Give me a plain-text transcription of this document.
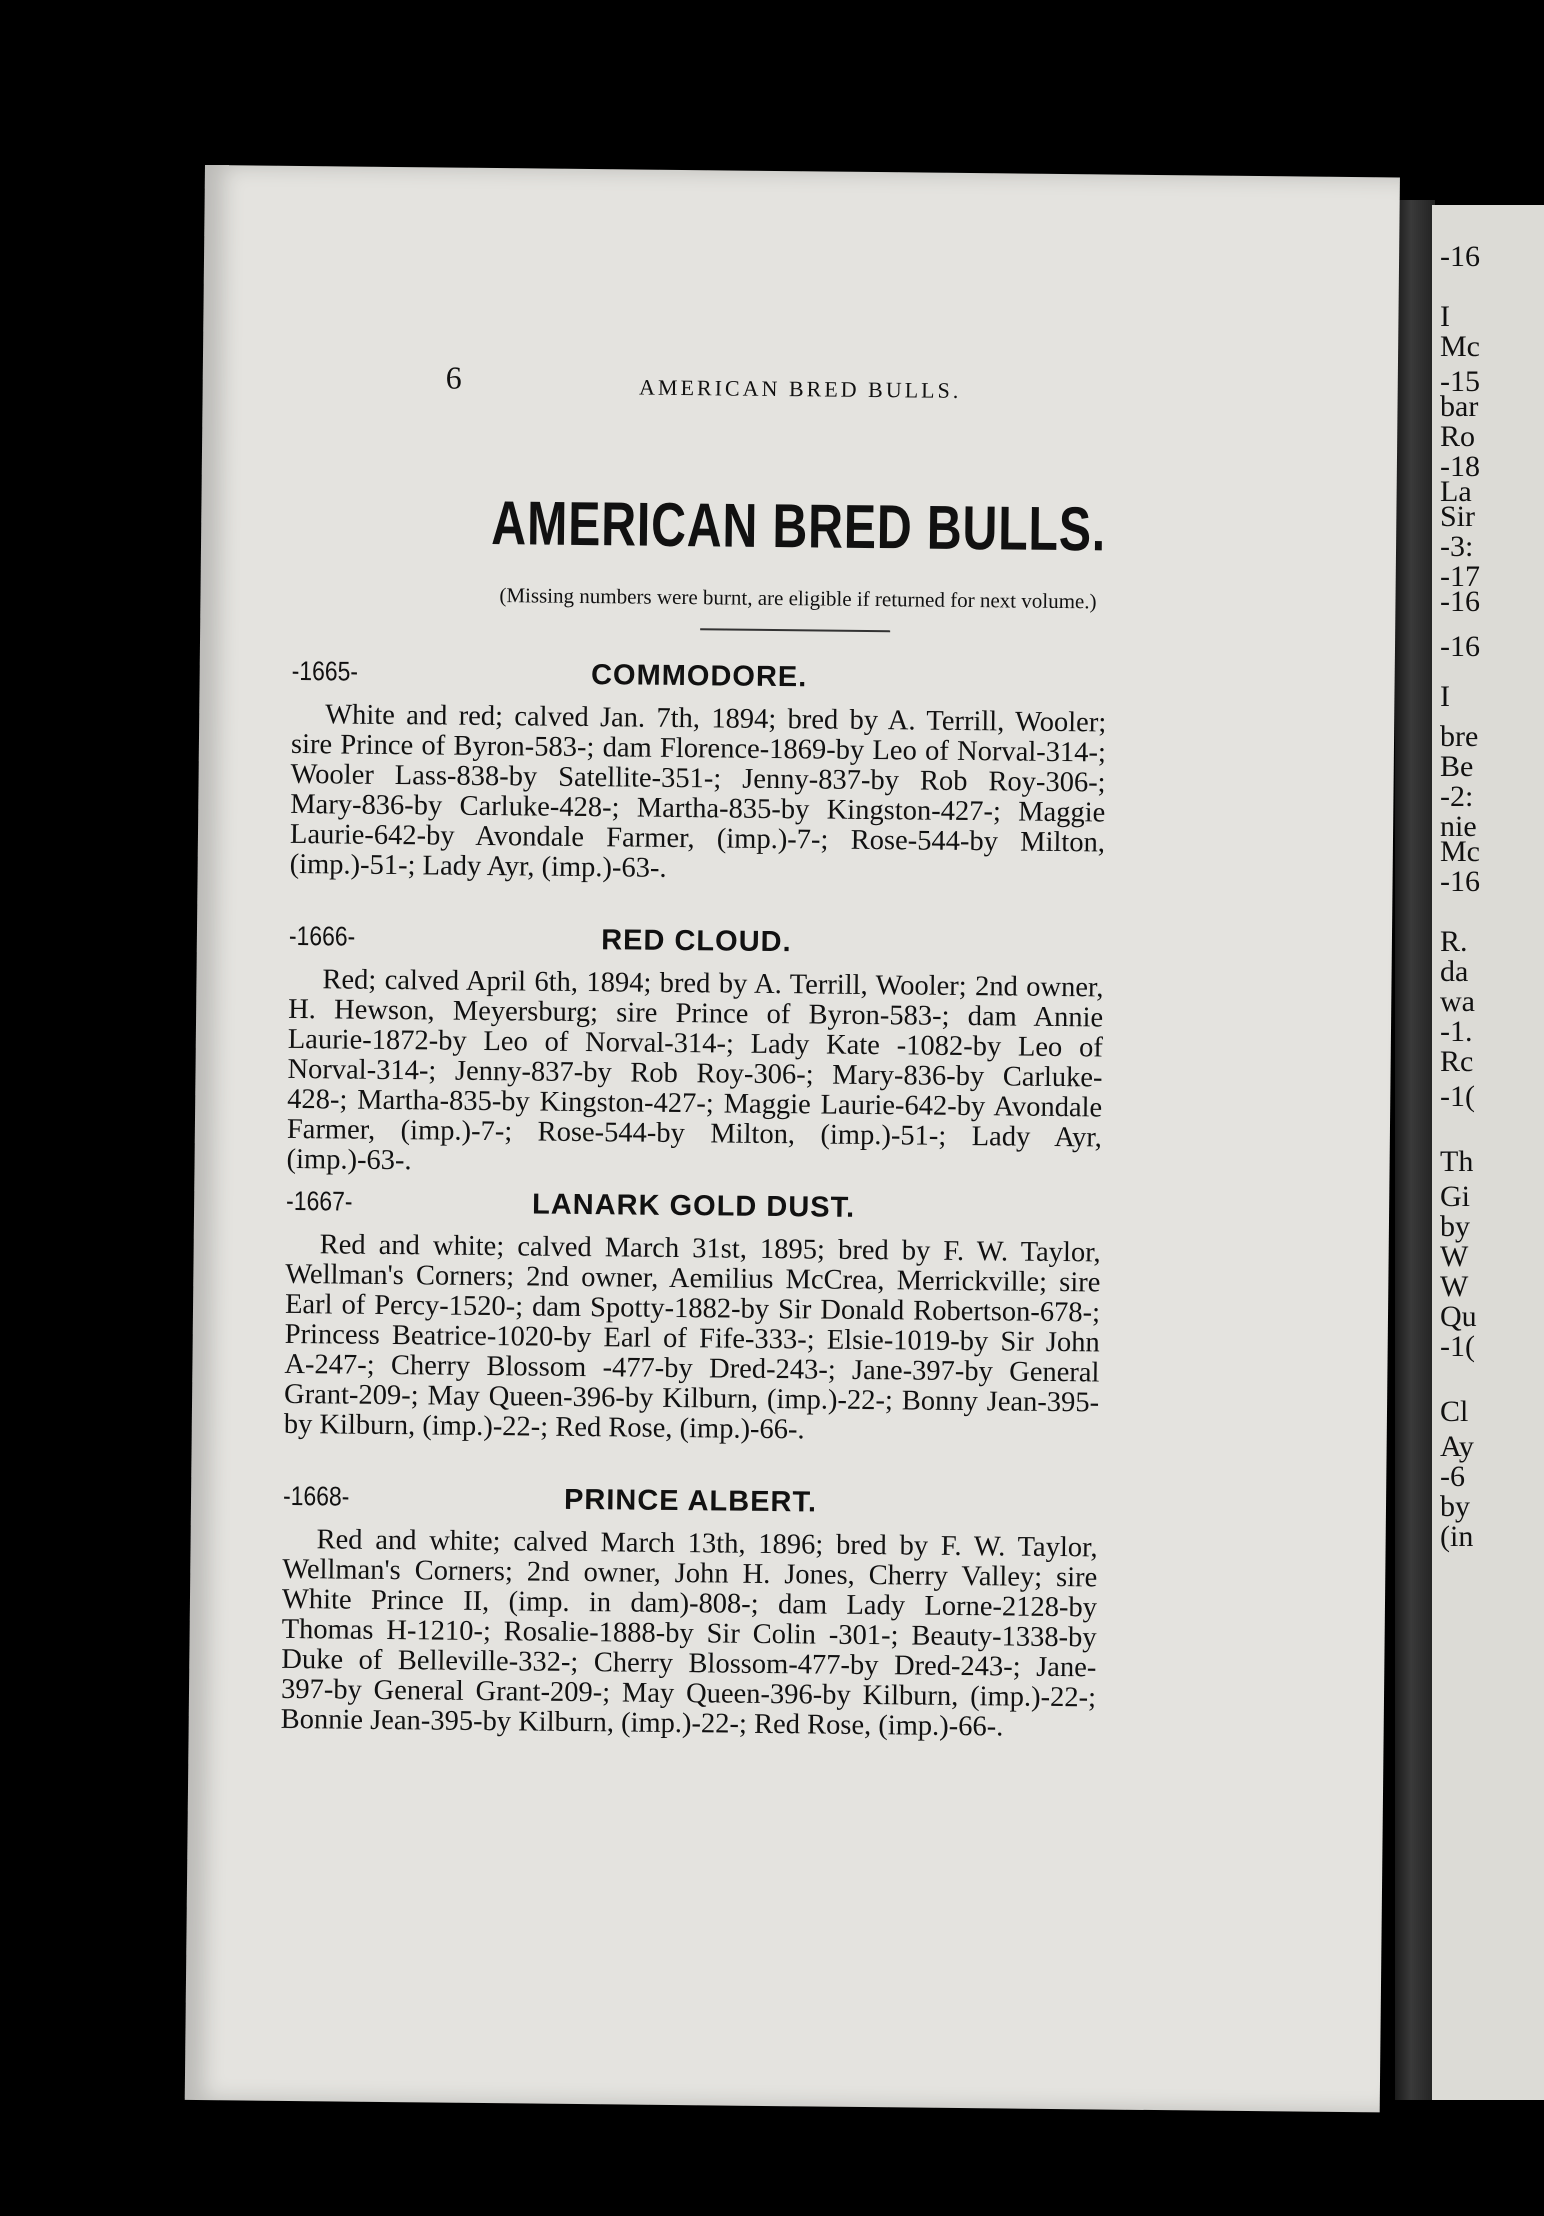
-16
I
Mc
-15
bar
Ro
-18
La
Sir
-3:
-17
-16
-16
I
bre
Be
-2:
nie
Mc
-16
R.
da
wa
-1.
Rc
-1(
Th
Gi
by
W
W
Qu
-1(
Cl
Ay
-6
by
(in
6	AMERICAN BRED BULLS.
AMERICAN BRED BULLS.
(Missing numbers were burnt, are eligible if returned for next volume.)
-1665-	COMMODORE.
White and red; calved Jan. 7th, 1894; bred by A. Terrill, Wooler; sire Prince of Byron-583-; dam Florence-1869-by Leo of Norval-314-; Wooler Lass-838-by Satellite-351-; Jenny-837-by Rob Roy-306-; Mary-836-by Carluke-428-; Martha-835-by Kingston-427-; Maggie Laurie-642-by Avondale Farmer, (imp.)-7-; Rose-544-by Milton, (imp.)-51-; Lady Ayr, (imp.)-63-.
-1666-	RED CLOUD.
Red; calved April 6th, 1894; bred by A. Terrill, Wooler; 2nd owner, H. Hewson, Meyersburg; sire Prince of Byron-583-; dam Annie Laurie-1872-by Leo of Norval-314-; Lady Kate -1082-by Leo of Norval-314-; Jenny-837-by Rob Roy-306-; Mary-836-by Carluke-428-; Martha-835-by Kingston-427-; Maggie Laurie-642-by Avondale Farmer, (imp.)-7-; Rose-544-by Milton, (imp.)-51-; Lady Ayr, (imp.)-63-.
-1667-	LANARK GOLD DUST.
Red and white; calved March 31st, 1895; bred by F. W. Taylor, Wellman's Corners; 2nd owner, Aemilius McCrea, Merrickville; sire Earl of Percy-1520-; dam Spotty-1882-by Sir Donald Robertson-678-; Princess Beatrice-1020-by Earl of Fife-333-; Elsie-1019-by Sir John A-247-; Cherry Blossom -477-by Dred-243-; Jane-397-by General Grant-209-; May Queen-396-by Kilburn, (imp.)-22-; Bonny Jean-395-by Kilburn, (imp.)-22-; Red Rose, (imp.)-66-.
-1668-	PRINCE ALBERT.
Red and white; calved March 13th, 1896; bred by F. W. Taylor, Wellman's Corners; 2nd owner, John H. Jones, Cherry Valley; sire White Prince II, (imp. in dam)-808-; dam Lady Lorne-2128-by Thomas H-1210-; Rosalie-1888-by Sir Colin -301-; Beauty-1338-by Duke of Belleville-332-; Cherry Blossom-477-by Dred-243-; Jane-397-by General Grant-209-; May Queen-396-by Kilburn, (imp.)-22-; Bonnie Jean-395-by Kilburn, (imp.)-22-; Red Rose, (imp.)-66-.
